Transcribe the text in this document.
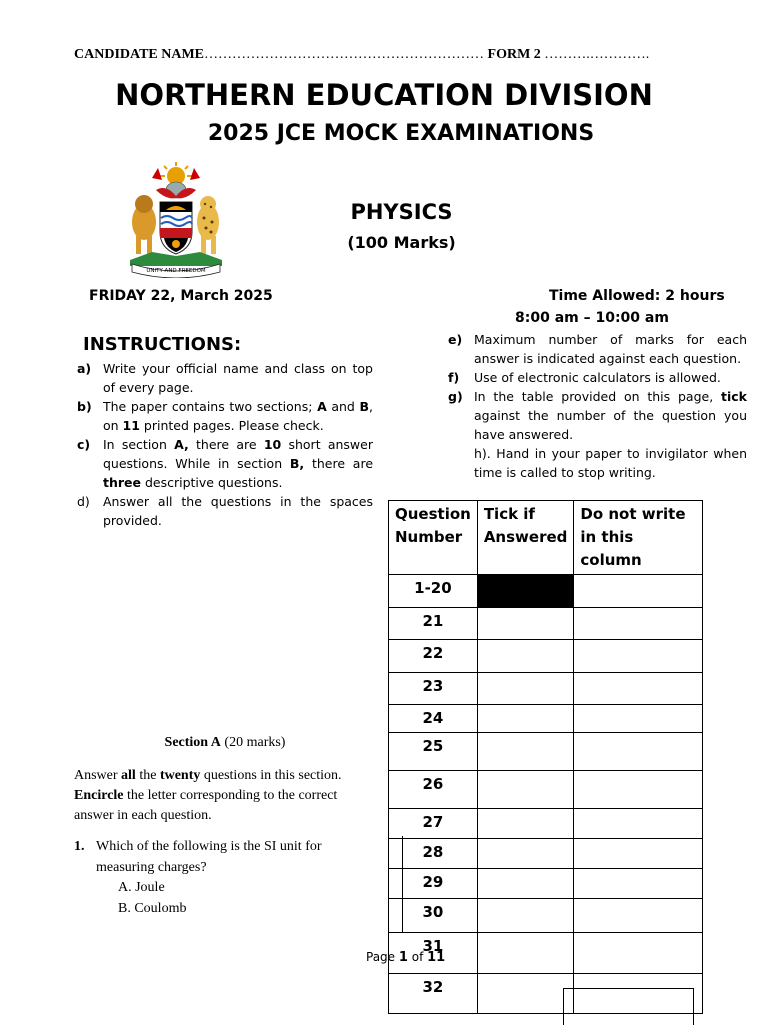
CANDIDATE NAME…………………………………………………… FORM 2 ……….………….
NORTHERN EDUCATION DIVISION
2025 JCE MOCK EXAMINATIONS
UNITY AND FREEDOM
PHYSICS
(100 Marks)
FRIDAY 22, March 2025	Time Allowed: 2 hours
8:00 am – 10:00 am
INSTRUCTIONS:
a) Write your official name and class on top of every page.
b) The paper contains two sections; A and B, on 11 printed pages. Please check.
c) In section A, there are 10 short answer questions. While in section B, there are three descriptive questions.
d) Answer all the questions in the spaces provided.
e) Maximum number of marks for each answer is indicated against each question.
f) Use of electronic calculators is allowed.
g) In the table provided on this page, tick against the number of the question you have answered.
h). Hand in your paper to invigilator when time is called to stop writing.
Question Number	Tick if Answered	Do not write in this column
1-20		
21		
22		
23		
24		
25		
26		
27		
28		
29		
30		
31		
32		
Section A (20 marks)
Answer all the twenty questions in this section. Encircle the letter corresponding to the correct answer in each question.
1. Which of the following is the SI unit for measuring charges?
A. Joule
B. Coulomb
Page 1 of 11
